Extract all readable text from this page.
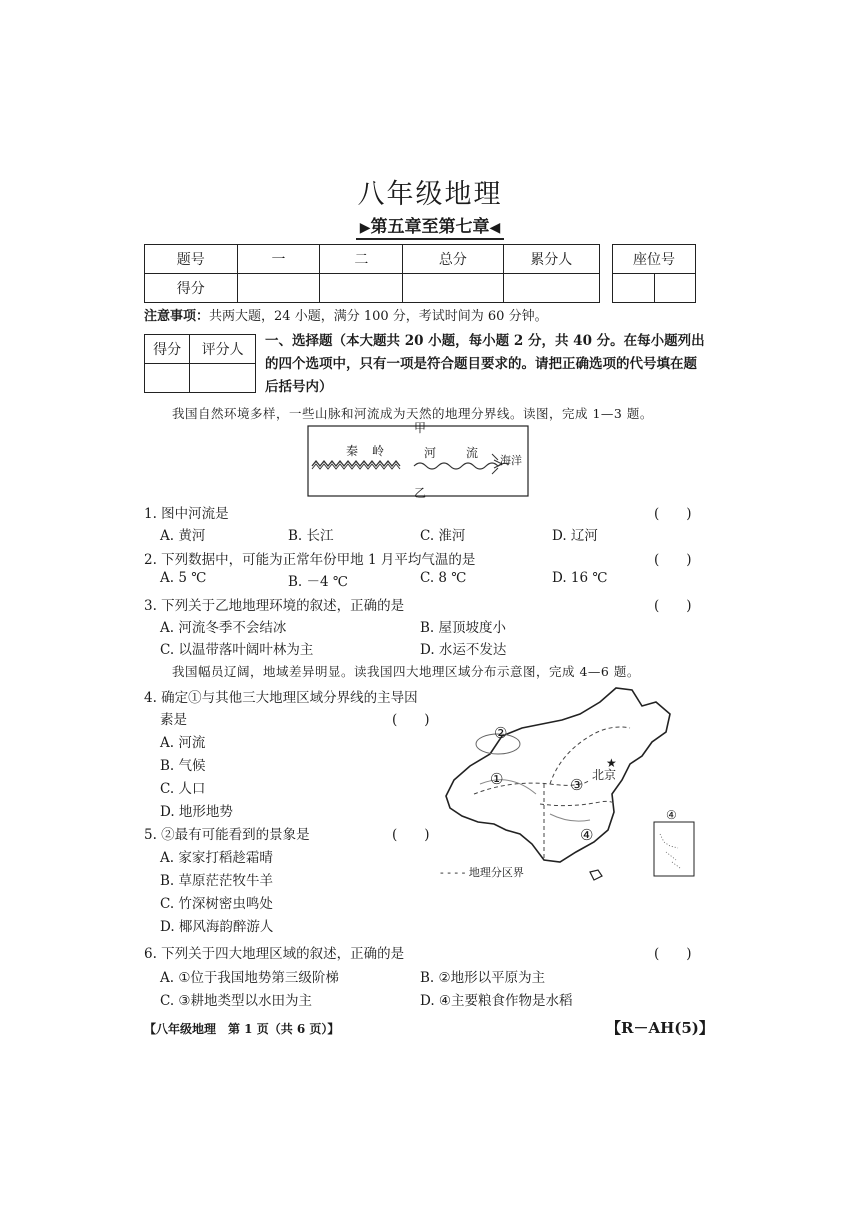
八年级地理
▶第五章至第七章◀
题号	一	二	总分	累分人
得分				
座位号

注意事项：共两大题，24 小题，满分 100 分，考试时间为 60 分钟。
得分	评分人

一、选择题（本大题共 20 小题，每小题 2 分，共 40 分。在每小题列出的四个选项中，只有一项是符合题目要求的。请把正确选项的代号填在题后括号内）
我国自然环境多样，一些山脉和河流成为天然的地理分界线。读图，完成 1—3 题。
甲
乙
秦 岭	河 流
海洋
1. 图中河流是	(　　)
A. 黄河	B. 长江	C. 淮河	D. 辽河
2. 下列数据中，可能为正常年份甲地 1 月平均气温的是	(　　)
A. 5 ℃	B. －4 ℃	C. 8 ℃	D. 16 ℃
3. 下列关于乙地地理环境的叙述，正确的是	(　　)
A. 河流冬季不会结冰	B. 屋顶坡度小
C. 以温带落叶阔叶林为主	D. 水运不发达
我国幅员辽阔，地域差异明显。读我国四大地理区域分布示意图，完成 4—6 题。
4. 确定①与其他三大地理区域分界线的主导因
素是	(　　)
A. 河流
B. 气候
C. 人口
D. 地形地势
5. ②最有可能看到的景象是	(　　)
A. 家家打稻趁霜晴
B. 草原茫茫牧牛羊
C. 竹深树密虫鸣处
D. 椰风海韵醉游人
②
①	③
④
★
北京
④
- - - - 地理分区界
6. 下列关于四大地理区域的叙述，正确的是	(　　)
A. ①位于我国地势第三级阶梯	B. ②地形以平原为主
C. ③耕地类型以水田为主	D. ④主要粮食作物是水稻
【八年级地理　第 1 页（共 6 页）】	【R－AH(5)】
